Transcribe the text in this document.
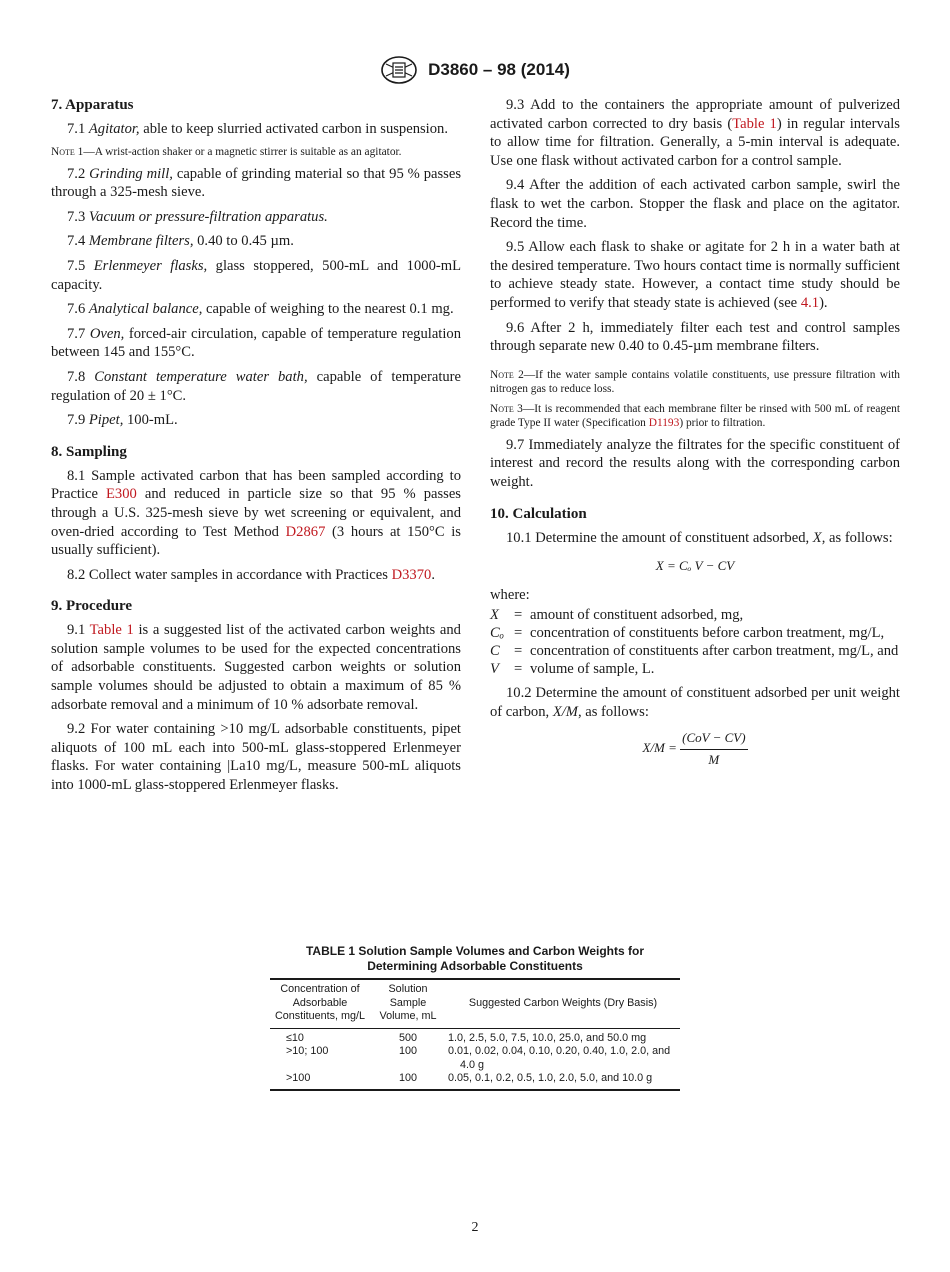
D3860 – 98 (2014)
7. Apparatus

7.1 Agitator, able to keep slurried activated carbon in suspension.

Note 1—A wrist-action shaker or a magnetic stirrer is suitable as an agitator.

7.2 Grinding mill, capable of grinding material so that 95 % passes through a 325-mesh sieve.

7.3 Vacuum or pressure-filtration apparatus.

7.4 Membrane filters, 0.40 to 0.45 µm.

7.5 Erlenmeyer flasks, glass stoppered, 500-mL and 1000-mL capacity.

7.6 Analytical balance, capable of weighing to the nearest 0.1 mg.

7.7 Oven, forced-air circulation, capable of temperature regulation between 145 and 155°C.

7.8 Constant temperature water bath, capable of temperature regulation of 20 ± 1°C.

7.9 Pipet, 100-mL.

8. Sampling

8.1 Sample activated carbon that has been sampled according to Practice E300 and reduced in particle size so that 95 % passes through a U.S. 325-mesh sieve by wet screening or equivalent, and oven-dried according to Test Method D2867 (3 hours at 150°C is usually sufficient).

8.2 Collect water samples in accordance with Practices D3370.

9. Procedure

9.1 Table 1 is a suggested list of the activated carbon weights and solution sample volumes to be used for the expected concentrations of adsorbable constituents. Suggested carbon weights or solution sample volumes should be adjusted to obtain a maximum of 85 % adsorbate removal and a minimum of 10 % adsorbate removal.

9.2 For water containing >10 mg/L adsorbable constituents, pipet aliquots of 100 mL each into 500-mL glass-stoppered Erlenmeyer flasks. For water containing |La10 mg/L, measure 500-mL aliquots into 1000-mL glass-stoppered Erlenmeyer flasks.

9.3 Add to the containers the appropriate amount of pulverized activated carbon corrected to dry basis (Table 1) in regular intervals to allow time for filtration. Generally, a 5-min interval is adequate. Use one flask without activated carbon for a control sample.

9.4 After the addition of each activated carbon sample, swirl the flask to wet the carbon. Stopper the flask and place on the agitator. Record the time.

9.5 Allow each flask to shake or agitate for 2 h in a water bath at the desired temperature. Two hours contact time is normally sufficient to achieve steady state. However, a contact time study should be performed to verify that steady state is achieved (see 4.1).

9.6 After 2 h, immediately filter each test and control samples through separate new 0.40 to 0.45-µm membrane filters.

Note 2—If the water sample contains volatile constituents, use pressure filtration with nitrogen gas to reduce loss.
Note 3—It is recommended that each membrane filter be rinsed with 500 mL of reagent grade Type II water (Specification D1193) prior to filtration.

9.7 Immediately analyze the filtrates for the specific constituent of interest and record the results along with the corresponding carbon weight.

10. Calculation

10.1 Determine the amount of constituent adsorbed, X, as follows:

X = Cₒ V − CV

where:

X	= amount of constituent adsorbed, mg,
Cₒ = concentration of constituents before carbon treatment, mg/L,
C = concentration of constituents after carbon treatment, mg/L, and
V	= volume of sample, L.

10.2 Determine the amount of constituent adsorbed per unit weight of carbon, X/M, as follows:

$X/M = \frac{\text{(CoV − CV)}}{M}$
TABLE 1 Solution Sample Volumes and Carbon Weights for
Determining Adsorbable Constituents
Concentration of Adsorbable Constituents, mg/L	Solution Sample Volume, mL	Suggested Carbon Weights (Dry Basis)
≤10	500	1.0, 2.5, 5.0, 7.5, 10.0, 25.0, and 50.0 mg
>10; 100	100	0.01, 0.02, 0.04, 0.10, 0.20, 0.40, 1.0, 2.0, and 4.0 g
>100	100	0.05, 0.1, 0.2, 0.5, 1.0, 2.0, 5.0, and 10.0 g
2
